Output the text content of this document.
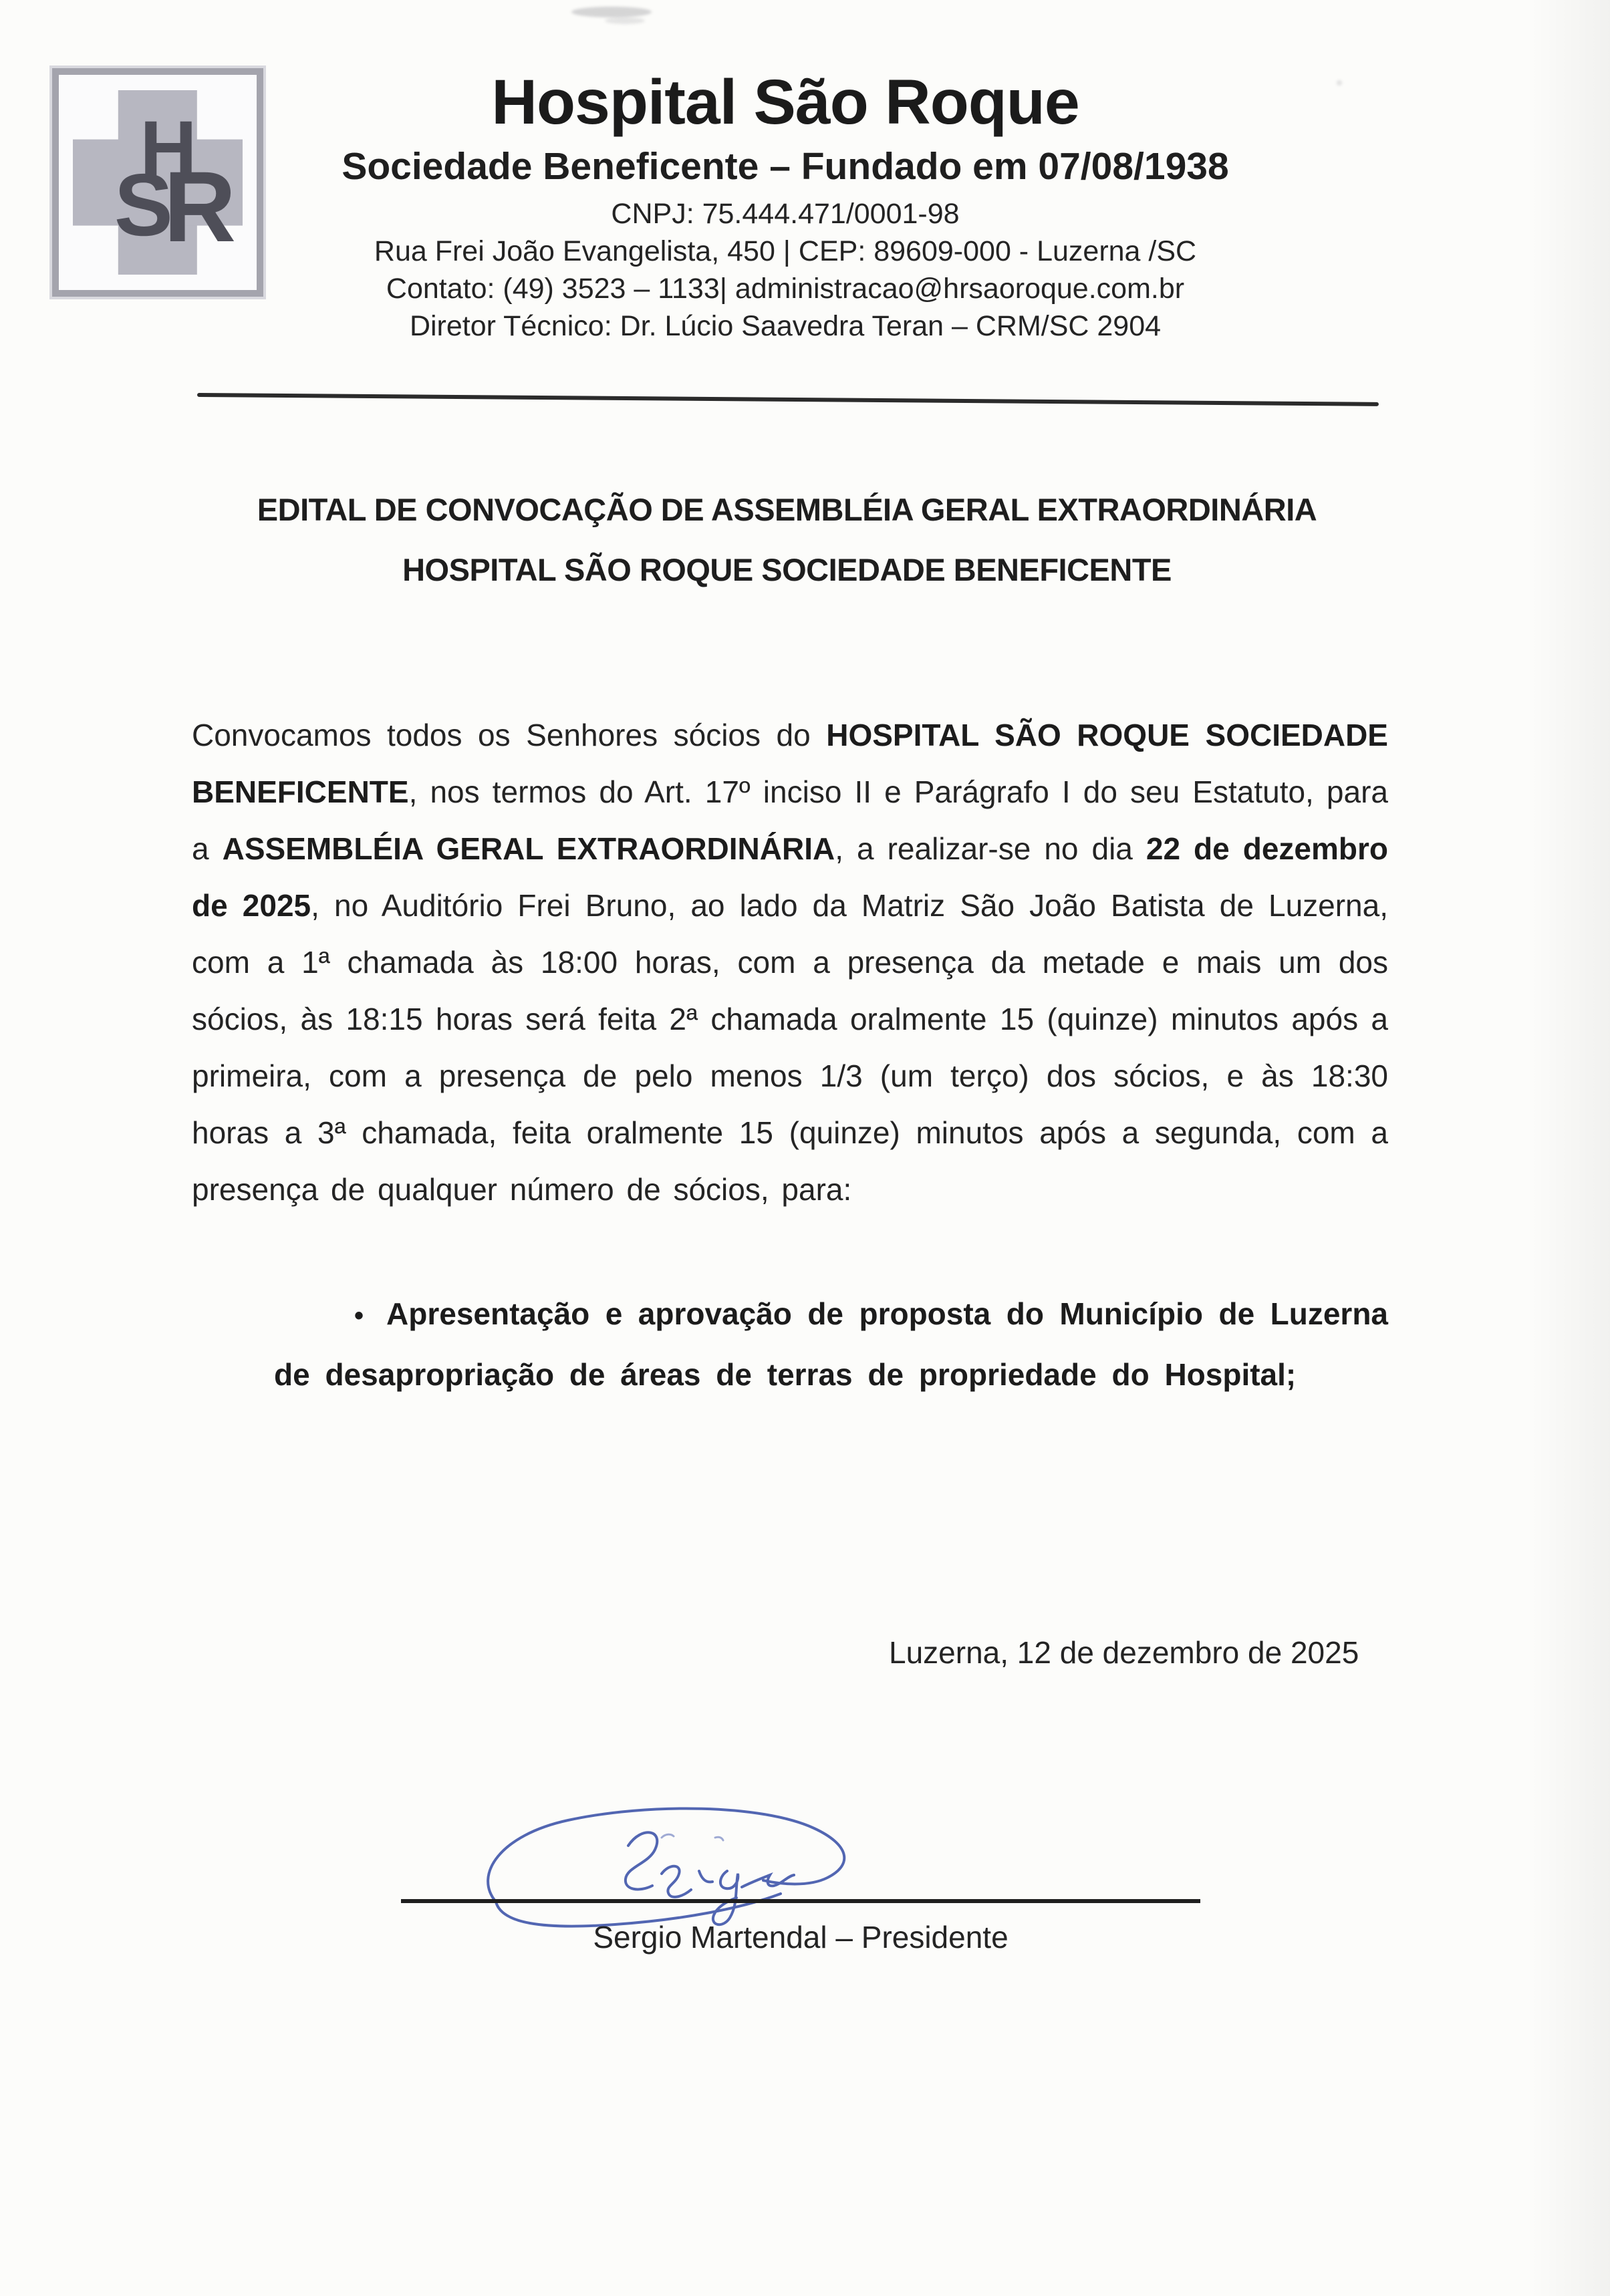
H
S
R
Hospital São Roque
Sociedade Beneficente – Fundado em 07/08/1938
CNPJ: 75.444.471/0001-98
Rua Frei João Evangelista, 450 | CEP: 89609-000 - Luzerna /SC
Contato: (49) 3523 – 1133| administracao@hrsaoroque.com.br
Diretor Técnico: Dr. Lúcio Saavedra Teran – CRM/SC 2904
EDITAL DE CONVOCAÇÃO DE ASSEMBLÉIA GERAL EXTRAORDINÁRIA
HOSPITAL SÃO ROQUE SOCIEDADE BENEFICENTE
Convocamos todos os Senhores sócios do HOSPITAL SÃO ROQUE SOCIEDADE BENEFICENTE, nos termos do Art. 17º inciso II e Parágrafo I do seu Estatuto, para a ASSEMBLÉIA GERAL EXTRAORDINÁRIA, a realizar-se no dia 22 de dezembro de 2025, no Auditório Frei Bruno, ao lado da Matriz São João Batista de Luzerna, com a 1ª chamada às 18:00 horas, com a presença da metade e mais um dos sócios, às 18:15 horas será feita 2ª chamada oralmente 15 (quinze) minutos após a primeira, com a presença de pelo menos 1/3 (um terço) dos sócios, e às 18:30 horas a 3ª chamada, feita oralmente 15 (quinze) minutos após a segunda, com a presença de qualquer número de sócios, para:
• Apresentação e aprovação de proposta do Município de Luzerna de desapropriação de áreas de terras de propriedade do Hospital;
Luzerna, 12 de dezembro de 2025
Sergio Martendal – Presidente
